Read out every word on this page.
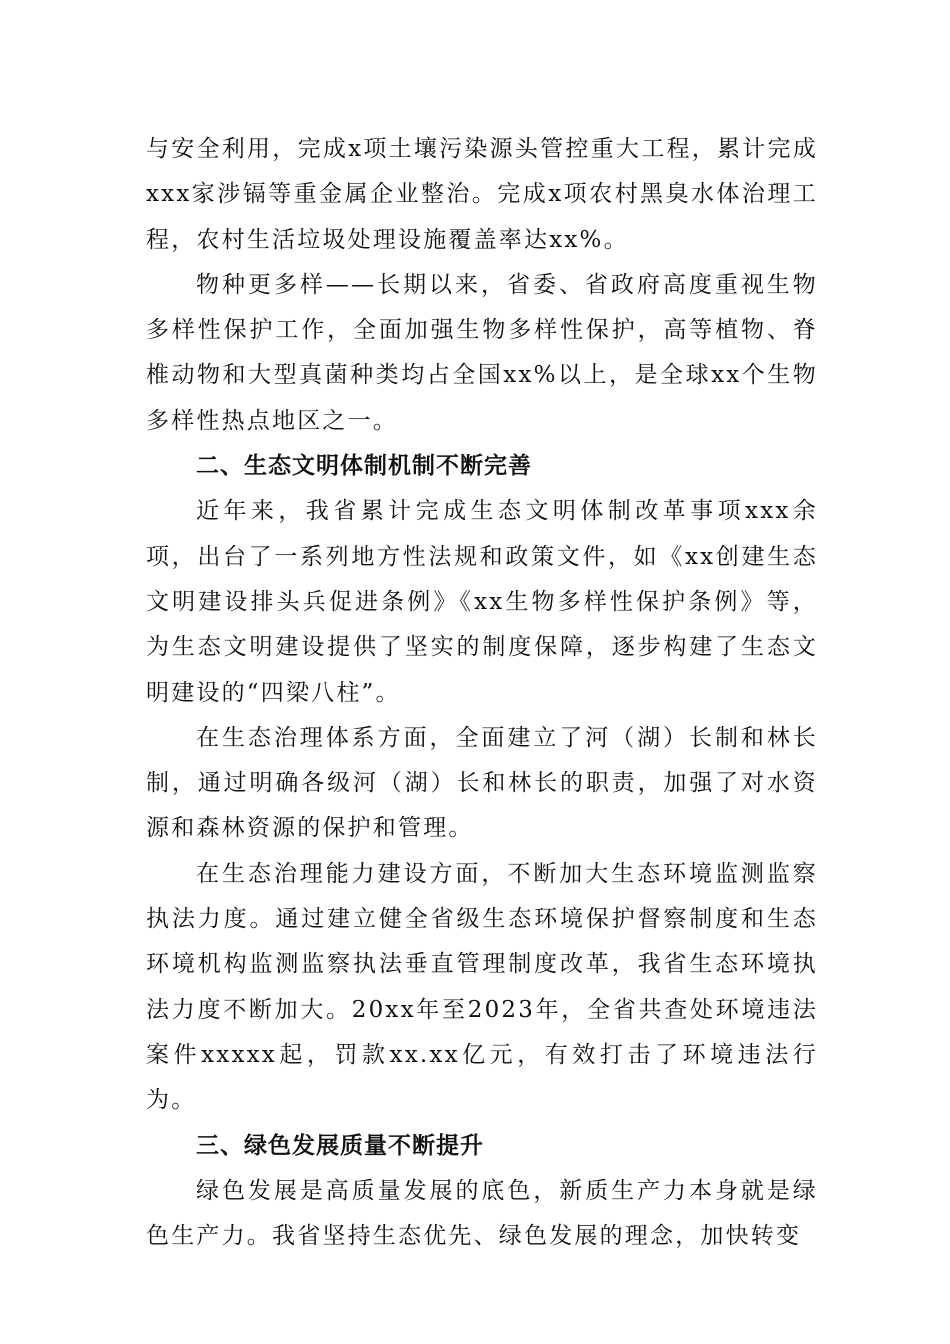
与安全利用，完成x项土壤污染源头管控重大工程，累计完成xxx家涉镉等重金属企业整治。完成x项农村黑臭水体治理工程，农村生活垃圾处理设施覆盖率达xx%。

物种更多样——长期以来，省委、省政府高度重视生物多样性保护工作，全面加强生物多样性保护，高等植物、脊椎动物和大型真菌种类均占全国xx%以上，是全球xx个生物多样性热点地区之一。

二、生态文明体制机制不断完善

近年来，我省累计完成生态文明体制改革事项xxx余项，出台了一系列地方性法规和政策文件，如《xx创建生态文明建设排头兵促进条例》《xx生物多样性保护条例》等，为生态文明建设提供了坚实的制度保障，逐步构建了生态文明建设的“四梁八柱”。

在生态治理体系方面，全面建立了河（湖）长制和林长制，通过明确各级河（湖）长和林长的职责，加强了对水资源和森林资源的保护和管理。

在生态治理能力建设方面，不断加大生态环境监测监察执法力度。通过建立健全省级生态环境保护督察制度和生态环境机构监测监察执法垂直管理制度改革，我省生态环境执法力度不断加大。20xx年至2023年，全省共查处环境违法案件xxxxx起，罚款xx.xx亿元，有效打击了环境违法行为。

三、绿色发展质量不断提升

绿色发展是高质量发展的底色，新质生产力本身就是绿色生产力。我省坚持生态优先、绿色发展的理念，加快转变
